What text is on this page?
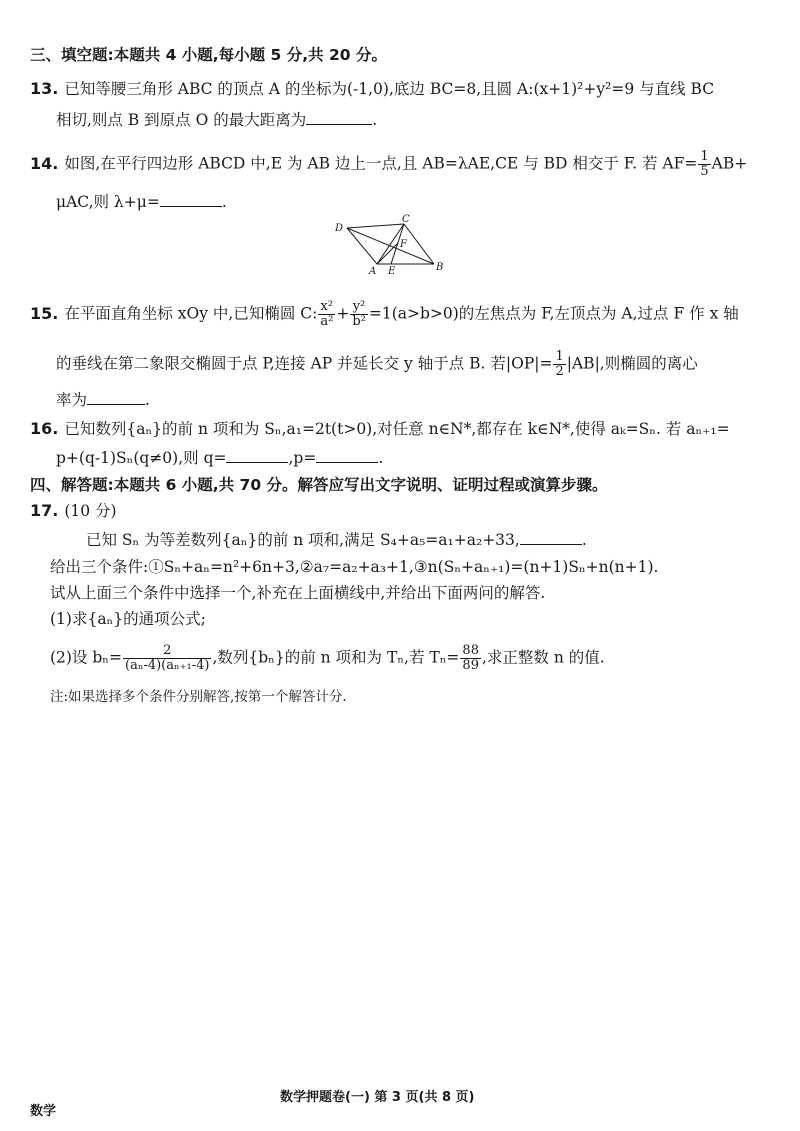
三、填空题:本题共 4 小题,每小题 5 分,共 20 分。
13. 已知等腰三角形 ABC 的顶点 A 的坐标为(-1,0),底边 BC=8,且圆 A:(x+1)²+y²=9 与直线 BC
相切,则点 B 到原点 O 的最大距离为	.
14. 如图,在平行四边形 ABCD 中,E 为 AB 边上一点,且 AB=λAE,CE 与 BD 相交于 F. 若 $AF= \frac{1}{5} AB+$
μAC,则 λ+μ=	.
D
C
F
A E	B
15. 在平面直角坐标 xOy 中,已知椭圆 C: $\frac{\text{x²}}{\text{a²}} + \frac{\text{y²}}{\text{b²}} =1(a>b>0)$的左焦点为 F,左顶点为 A,过点 F 作 x 轴
的垂线在第二象限交椭圆于点 P,连接 AP 并延长交 y 轴于点 B. 若$|OP|= \frac{1}{2} |AB|$,则椭圆的离心
率为	.
16. 已知数列{aₙ}的前 n 项和为 Sₙ,a₁=2t(t>0),对任意 n∈N*,都存在 k∈N*,使得 aₖ=Sₙ. 若 aₙ₊₁=
p+(q-1)Sₙ(q≠0),则 q=	,p=	.
四、解答题:本题共 6 小题,共 70 分。解答应写出文字说明、证明过程或演算步骤。
17. (10 分)
已知 Sₙ 为等差数列{aₙ}的前 n 项和,满足 S₄+a₅=a₁+a₂+33,	.
给出三个条件:①Sₙ+aₙ=n²+6n+3,②a₇=a₂+a₃+1,③n(Sₙ+aₙ₊₁)=(n+1)Sₙ+n(n+1).
试从上面三个条件中选择一个,补充在上面横线中,并给出下面两问的解答.
(1)求{aₙ}的通项公式;
(2)设 $b_n= \frac{2}{\text{(aₙ-4)(aₙ₊₁-4)}}$ ,数列{bₙ}的前 n 项和为 Tₙ,若 $T_n= \frac{88}{89}$ ,求正整数 n 的值.
注:如果选择多个条件分别解答,按第一个解答计分.
数学押题卷(一) 第 3 页(共 8 页)
数学
